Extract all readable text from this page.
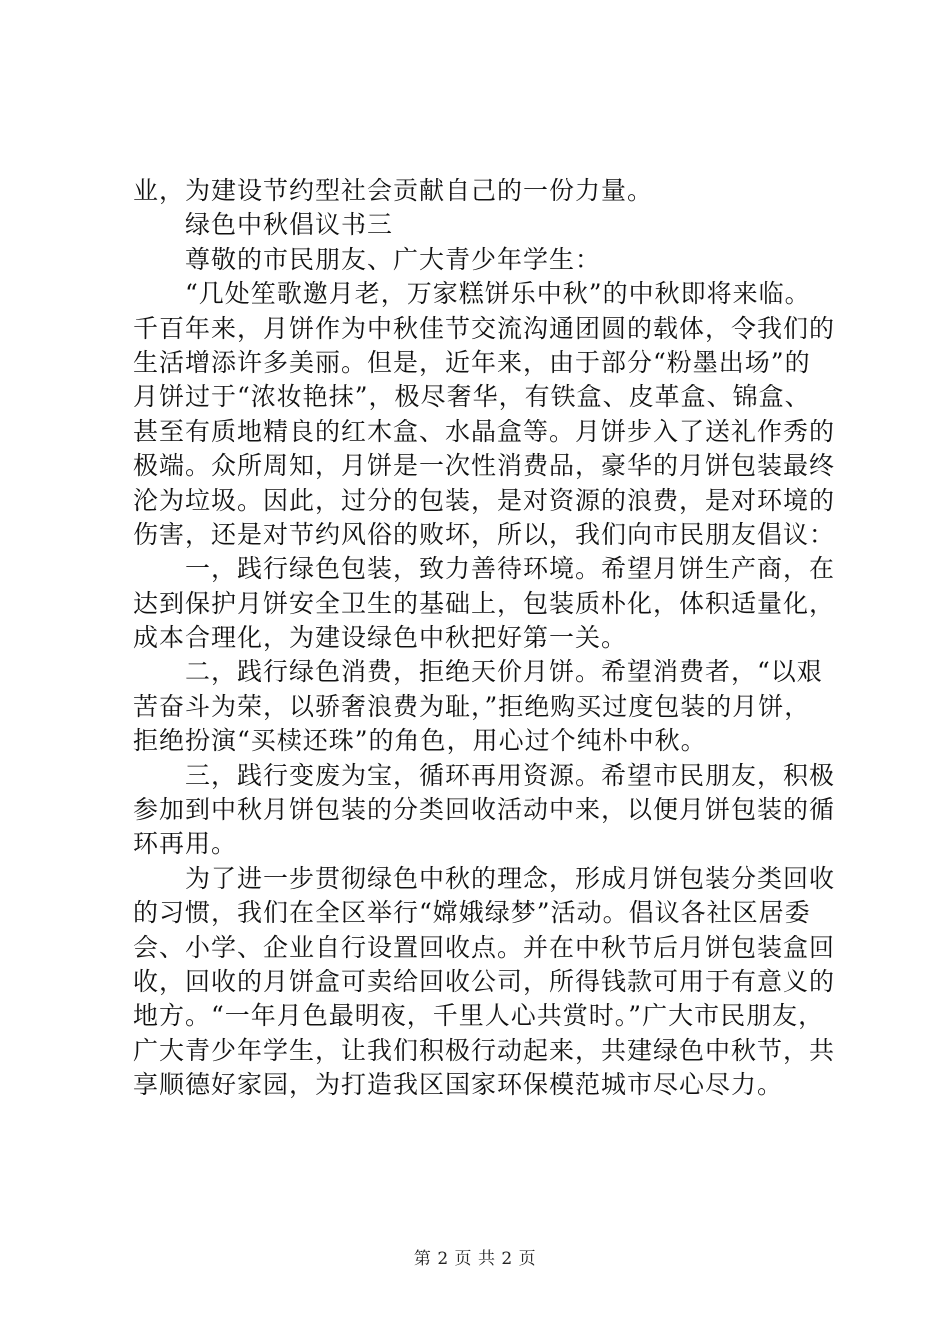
业，为建设节约型社会贡献自己的一份力量。
　　绿色中秋倡议书三
　　尊敬的市民朋友、广大青少年学生：
　　“几处笙歌邀月老，万家糕饼乐中秋”的中秋即将来临。
千百年来，月饼作为中秋佳节交流沟通团圆的载体，令我们的
生活增添许多美丽。但是，近年来，由于部分“粉墨出场”的
月饼过于“浓妆艳抹”，极尽奢华，有铁盒、皮革盒、锦盒、
甚至有质地精良的红木盒、水晶盒等。月饼步入了送礼作秀的
极端。众所周知，月饼是一次性消费品，豪华的月饼包装最终
沦为垃圾。因此，过分的包装，是对资源的浪费，是对环境的
伤害，还是对节约风俗的败坏，所以，我们向市民朋友倡议：
　　一，践行绿色包装，致力善待环境。希望月饼生产商，在
达到保护月饼安全卫生的基础上，包装质朴化，体积适量化，
成本合理化，为建设绿色中秋把好第一关。
　　二，践行绿色消费，拒绝天价月饼。希望消费者，“以艰
苦奋斗为荣，以骄奢浪费为耻，”拒绝购买过度包装的月饼，
拒绝扮演“买椟还珠”的角色，用心过个纯朴中秋。
　　三，践行变废为宝，循环再用资源。希望市民朋友，积极
参加到中秋月饼包装的分类回收活动中来，以便月饼包装的循
环再用。
　　为了进一步贯彻绿色中秋的理念，形成月饼包装分类回收
的习惯，我们在全区举行“嫦娥绿梦”活动。倡议各社区居委
会、小学、企业自行设置回收点。并在中秋节后月饼包装盒回
收，回收的月饼盒可卖给回收公司，所得钱款可用于有意义的
地方。“一年月色最明夜，千里人心共赏时。”广大市民朋友，
广大青少年学生，让我们积极行动起来，共建绿色中秋节，共
享顺德好家园，为打造我区国家环保模范城市尽心尽力。
第 2 页 共 2 页
